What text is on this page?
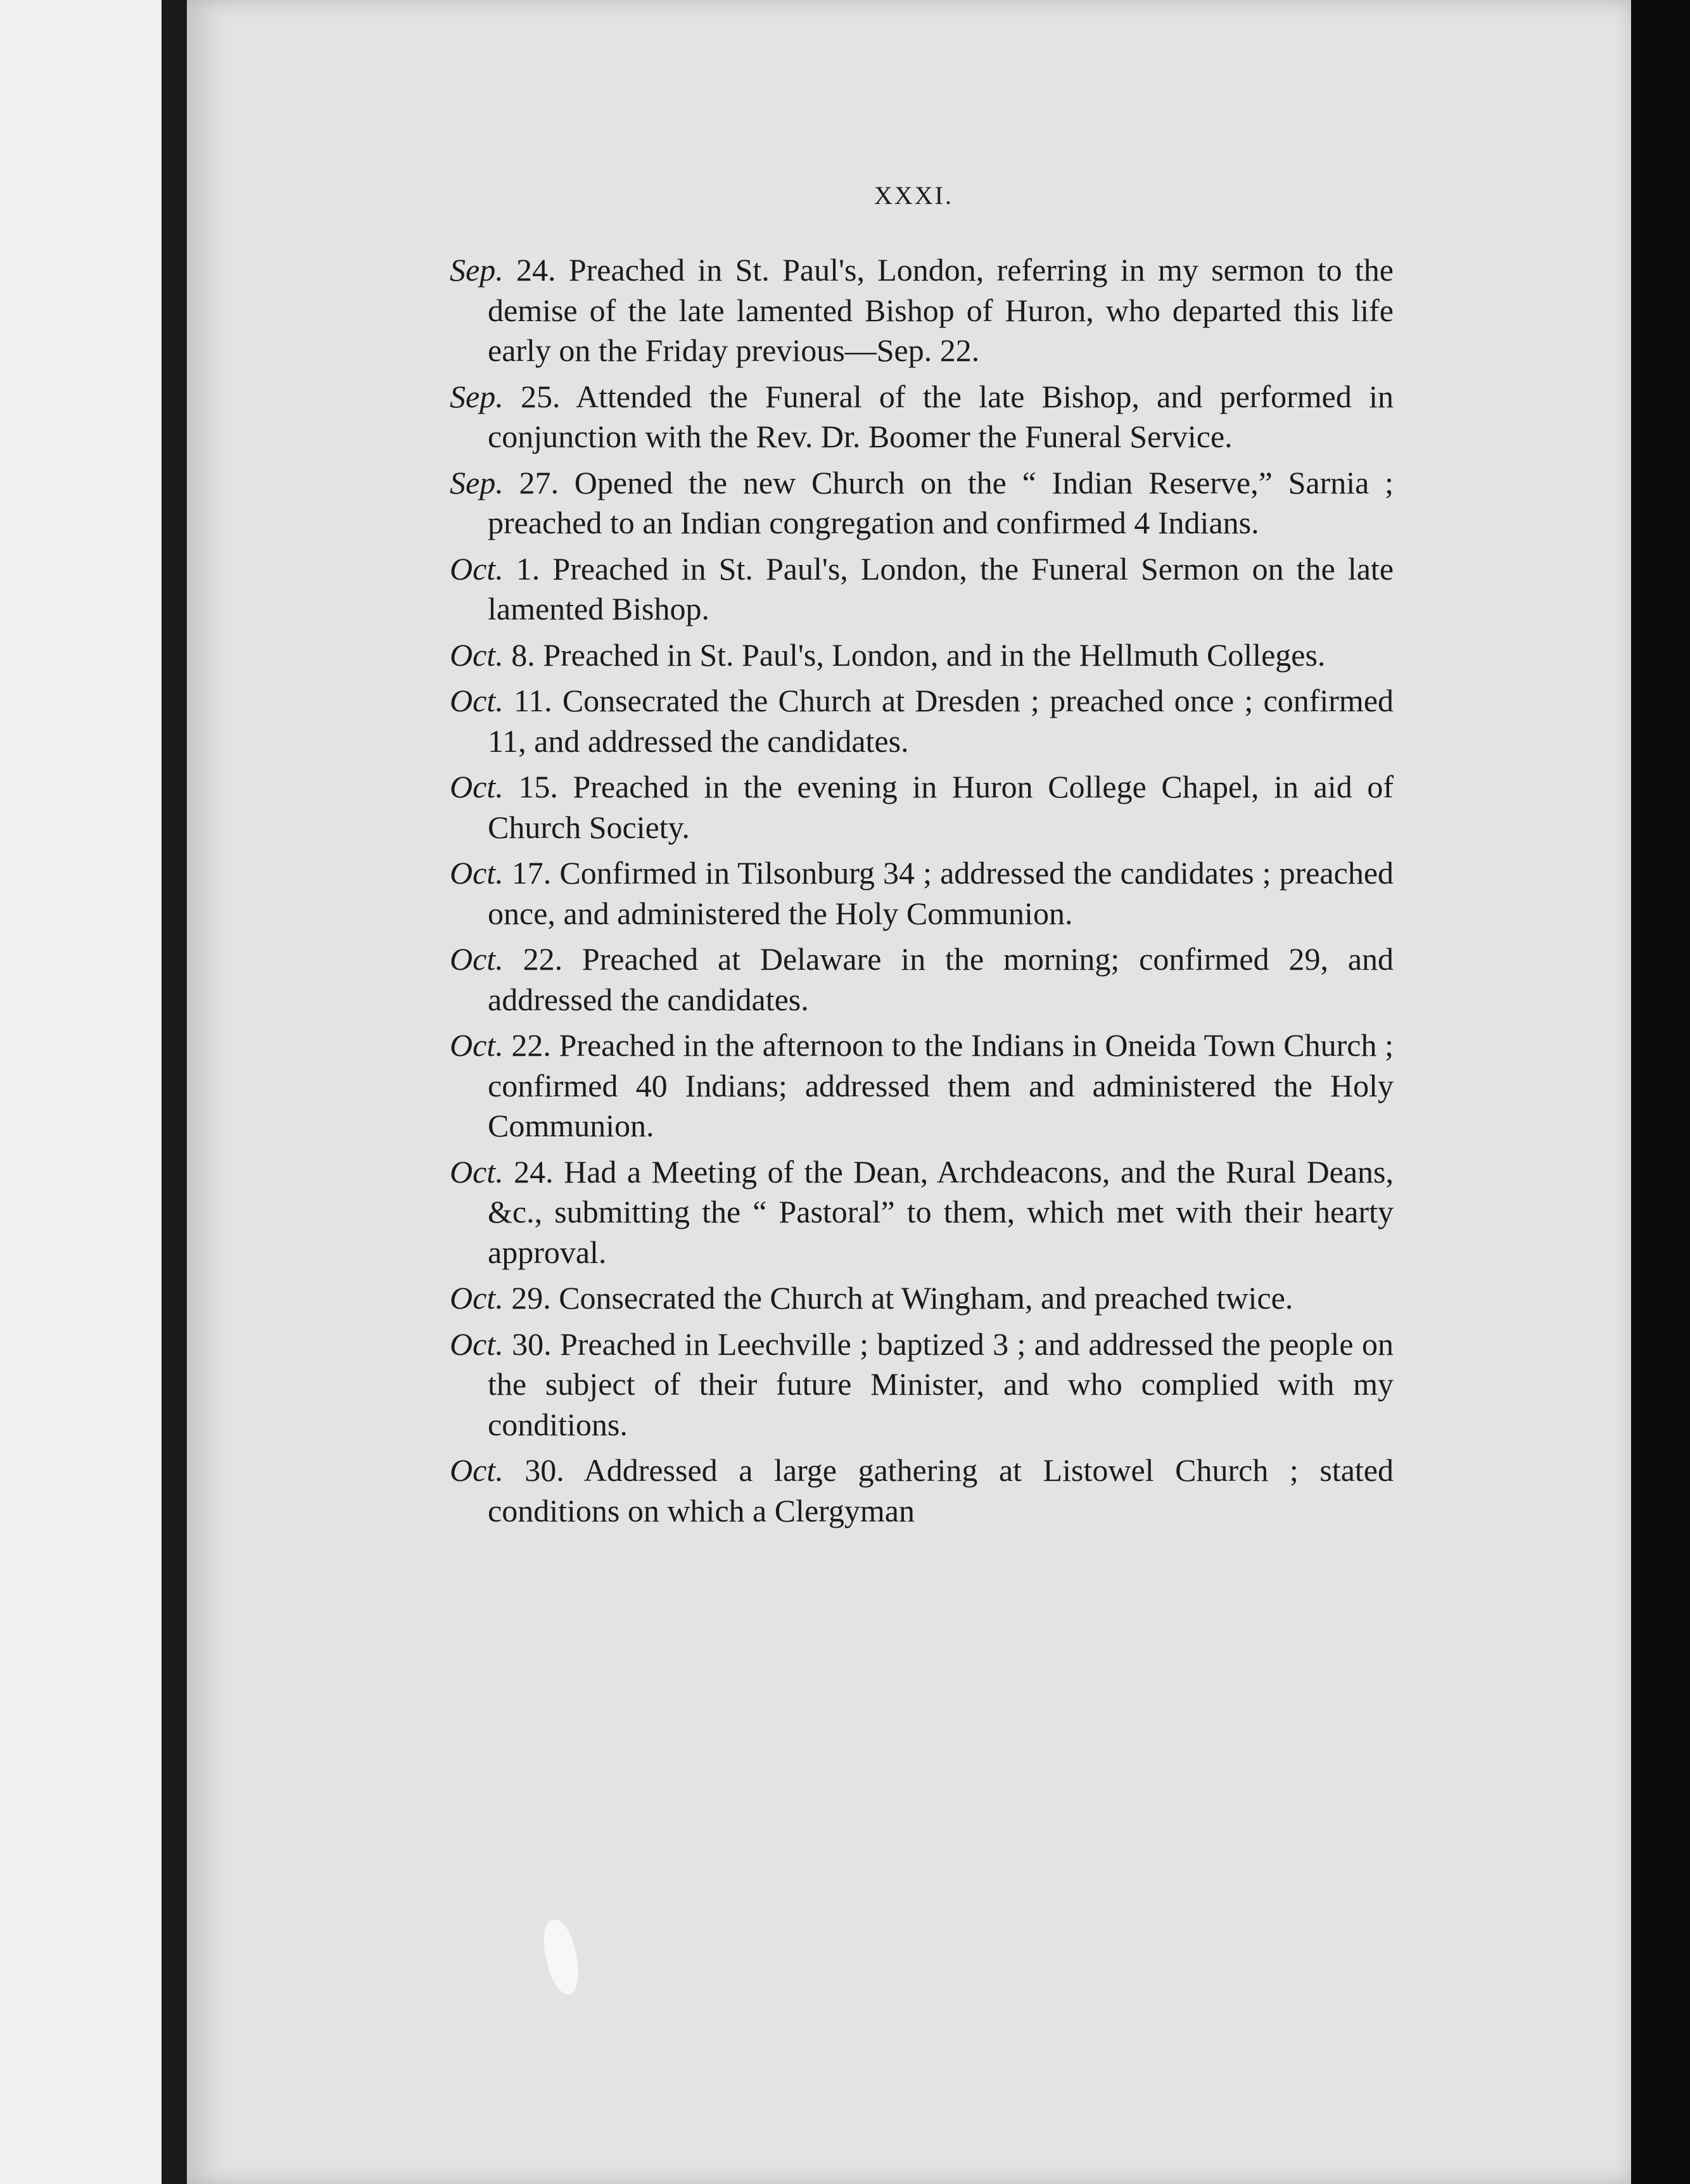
XXXI.

Sep. 24. Preached in St. Paul's, London, referring in my sermon to the demise of the late lamented Bishop of Huron, who departed this life early on the Friday previous—Sep. 22.

Sep. 25. Attended the Funeral of the late Bishop, and performed in conjunction with the Rev. Dr. Boomer the Funeral Service.

Sep. 27. Opened the new Church on the “ Indian Reserve,” Sarnia ; preached to an Indian congregation and confirmed 4 Indians.

Oct. 1. Preached in St. Paul's, London, the Funeral Sermon on the late lamented Bishop.

Oct. 8. Preached in St. Paul's, London, and in the Hellmuth Colleges.

Oct. 11. Consecrated the Church at Dresden ; preached once ; confirmed 11, and addressed the candidates.

Oct. 15. Preached in the evening in Huron College Chapel, in aid of Church Society.

Oct. 17. Confirmed in Tilsonburg 34 ; addressed the candidates ; preached once, and administered the Holy Communion.

Oct. 22. Preached at Delaware in the morning; confirmed 29, and addressed the candidates.

Oct. 22. Preached in the afternoon to the Indians in Oneida Town Church ; confirmed 40 Indians; addressed them and administered the Holy Communion.

Oct. 24. Had a Meeting of the Dean, Archdeacons, and the Rural Deans, &c., submitting the “ Pastoral” to them, which met with their hearty approval.

Oct. 29. Consecrated the Church at Wingham, and preached twice.

Oct. 30. Preached in Leechville ; baptized 3 ; and addressed the people on the subject of their future Minister, and who complied with my conditions.

Oct. 30. Addressed a large gathering at Listowel Church ; stated conditions on which a Clergyman
